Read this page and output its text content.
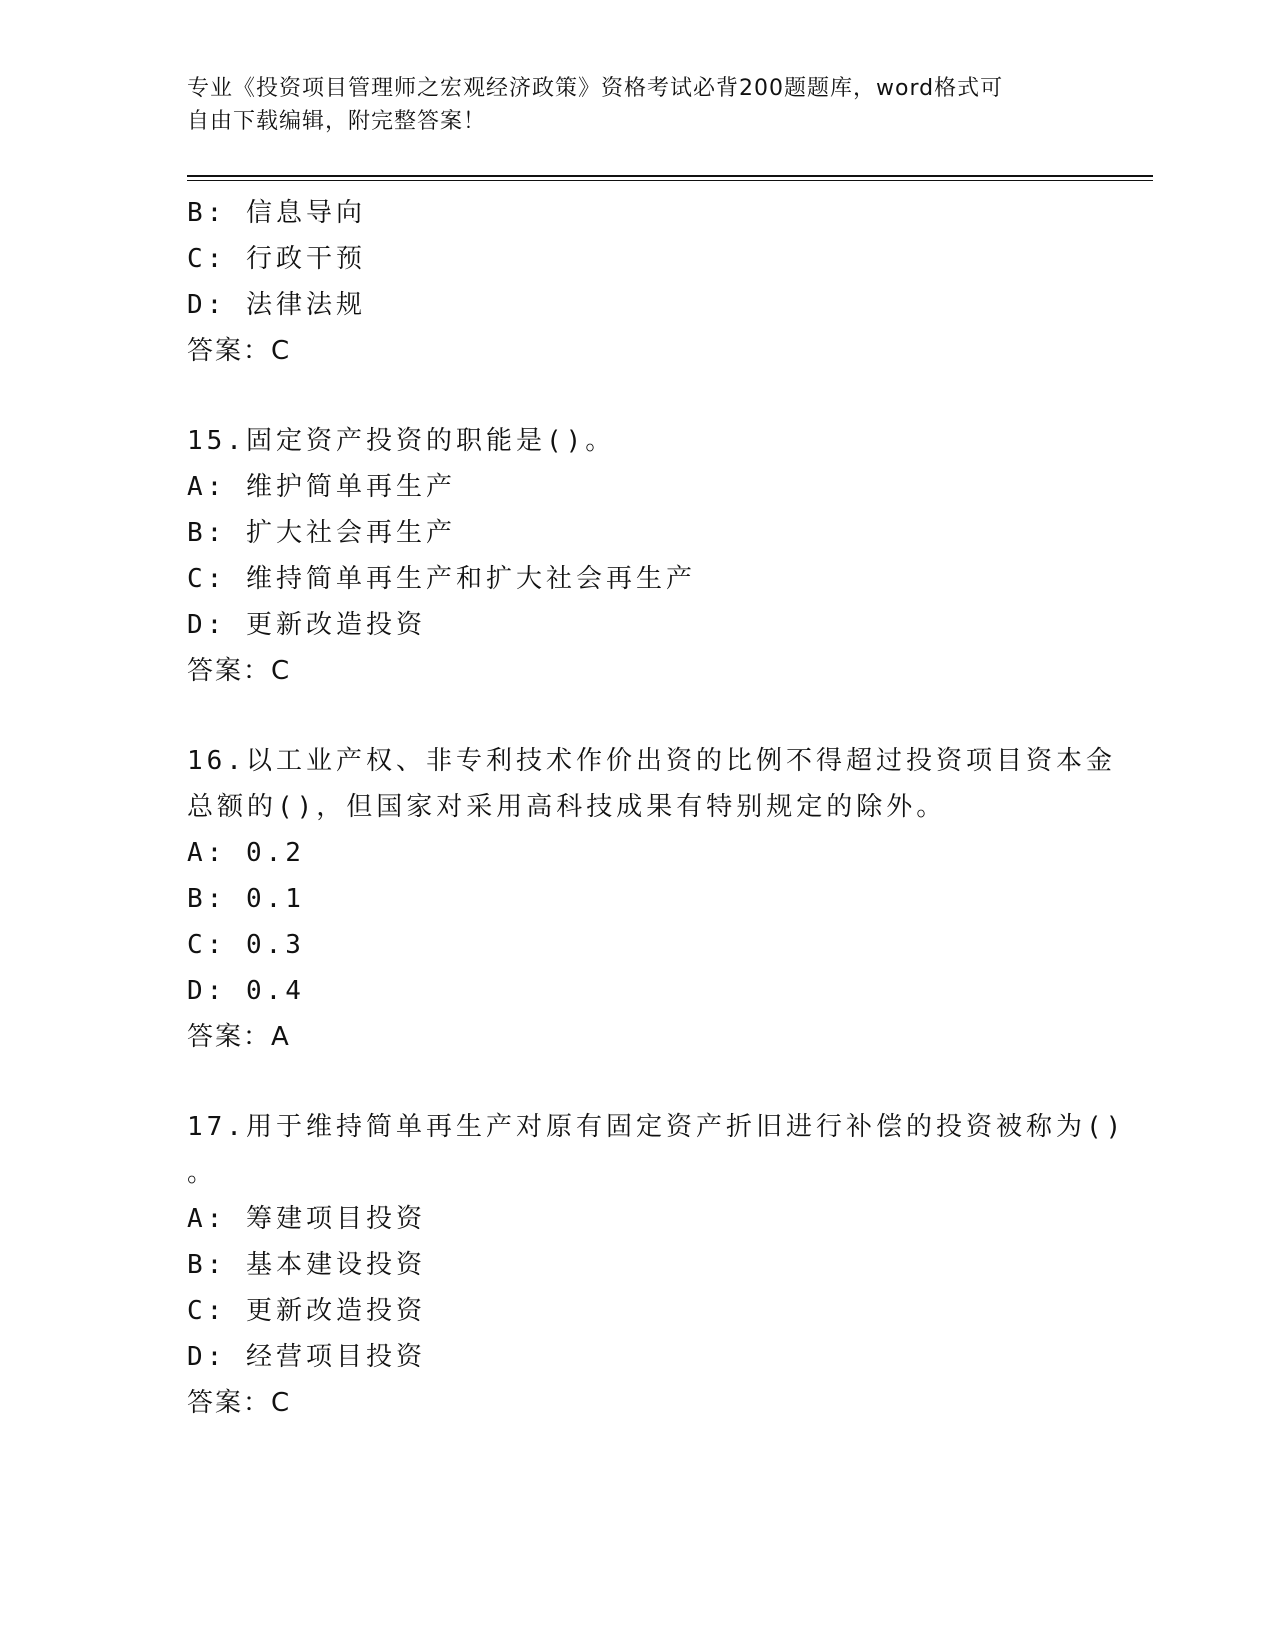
专业《投资项目管理师之宏观经济政策》资格考试必背200题题库，word格式可
自由下载编辑，附完整答案！
B: 信息导向
C: 行政干预
D: 法律法规
答案：C
15.固定资产投资的职能是()。
A: 维护简单再生产
B: 扩大社会再生产
C: 维持简单再生产和扩大社会再生产
D: 更新改造投资
答案：C
16.以工业产权、非专利技术作价出资的比例不得超过投资项目资本金
总额的()，但国家对采用高科技成果有特别规定的除外。
A: 0.2
B: 0.1
C: 0.3
D: 0.4
答案：A
17.用于维持简单再生产对原有固定资产折旧进行补偿的投资被称为()
。
A: 筹建项目投资
B: 基本建设投资
C: 更新改造投资
D: 经营项目投资
答案：C
